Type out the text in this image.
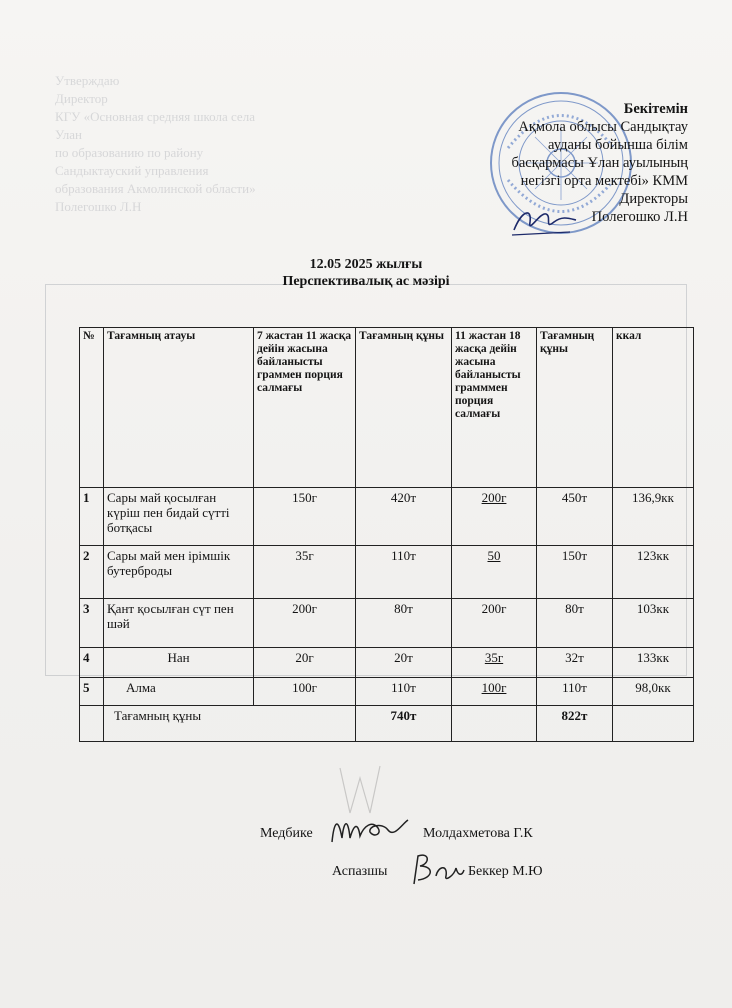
Утверждаю
Директор
КГУ «Основная средняя школа села
Улан
по образованию по району
Сандыктауский управления
образования Акмолинской области»
Полегошко Л.Н
Бекітемін
Ақмола облысы Сандықтау
ауданы бойынша білім
басқармасы Ұлан ауылының
негізгі орта мектебі» КММ
Директоры
Полегошко Л.Н
12.05 2025 жылғы
Перспективалық ас мәзірі
№	Тағамның атауы	7 жастан 11 жасқа дейін жасына байланысты граммен порция салмағы	Тағамның құны	11 жастан 18 жасқа дейін жасына байланысты грамммен порция салмағы	Тағамның құны	ккал
1	Сары май қосылған күріш пен бидай сүтті ботқасы	150г	420т	200г	450т	136,9кк
2	Сары май мен ірімшік бутерброды	35г	110т	50	150т	123кк
3	Қант қосылған сүт пен шәй	200г	80т	200г	80т	103кк
4	Нан	20г	20т	35г	32т	133кк
5	Алма	100г	110т	100г	110т	98,0кк
	Тағамның құны		740т		822т	
Медбике	Молдахметова Г.К
Аспазшы	Беккер М.Ю
